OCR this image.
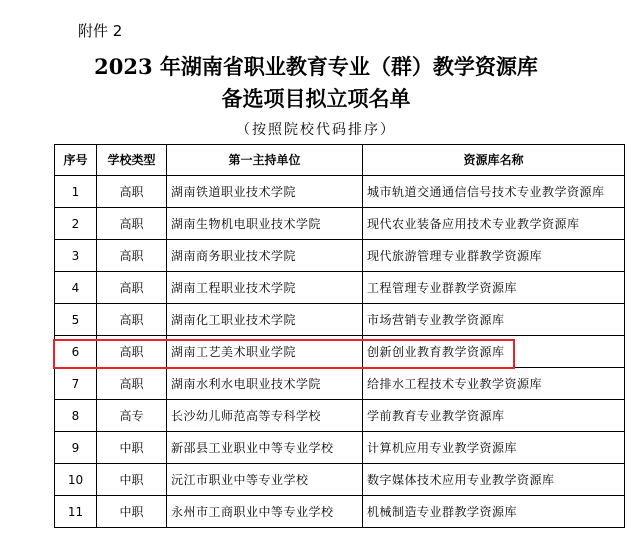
附件 2
2023 年湖南省职业教育专业（群）教学资源库
备选项目拟立项名单
（按照院校代码排序）
序号	学校类型	第一主持单位	资源库名称
1	高职	湖南铁道职业技术学院	城市轨道交通通信信号技术专业教学资源库
2	高职	湖南生物机电职业技术学院	现代农业装备应用技术专业教学资源库
3	高职	湖南商务职业技术学院	现代旅游管理专业群教学资源库
4	高职	湖南工程职业技术学院	工程管理专业群教学资源库
5	高职	湖南化工职业技术学院	市场营销专业教学资源库
6	高职	湖南工艺美术职业学院	创新创业教育教学资源库
7	高职	湖南水利水电职业技术学院	给排水工程技术专业教学资源库
8	高专	长沙幼儿师范高等专科学校	学前教育专业教学资源库
9	中职	新邵县工业职业中等专业学校	计算机应用专业教学资源库
10	中职	沅江市职业中等专业学校	数字媒体技术应用专业教学资源库
11	中职	永州市工商职业中等专业学校	机械制造专业群教学资源库
